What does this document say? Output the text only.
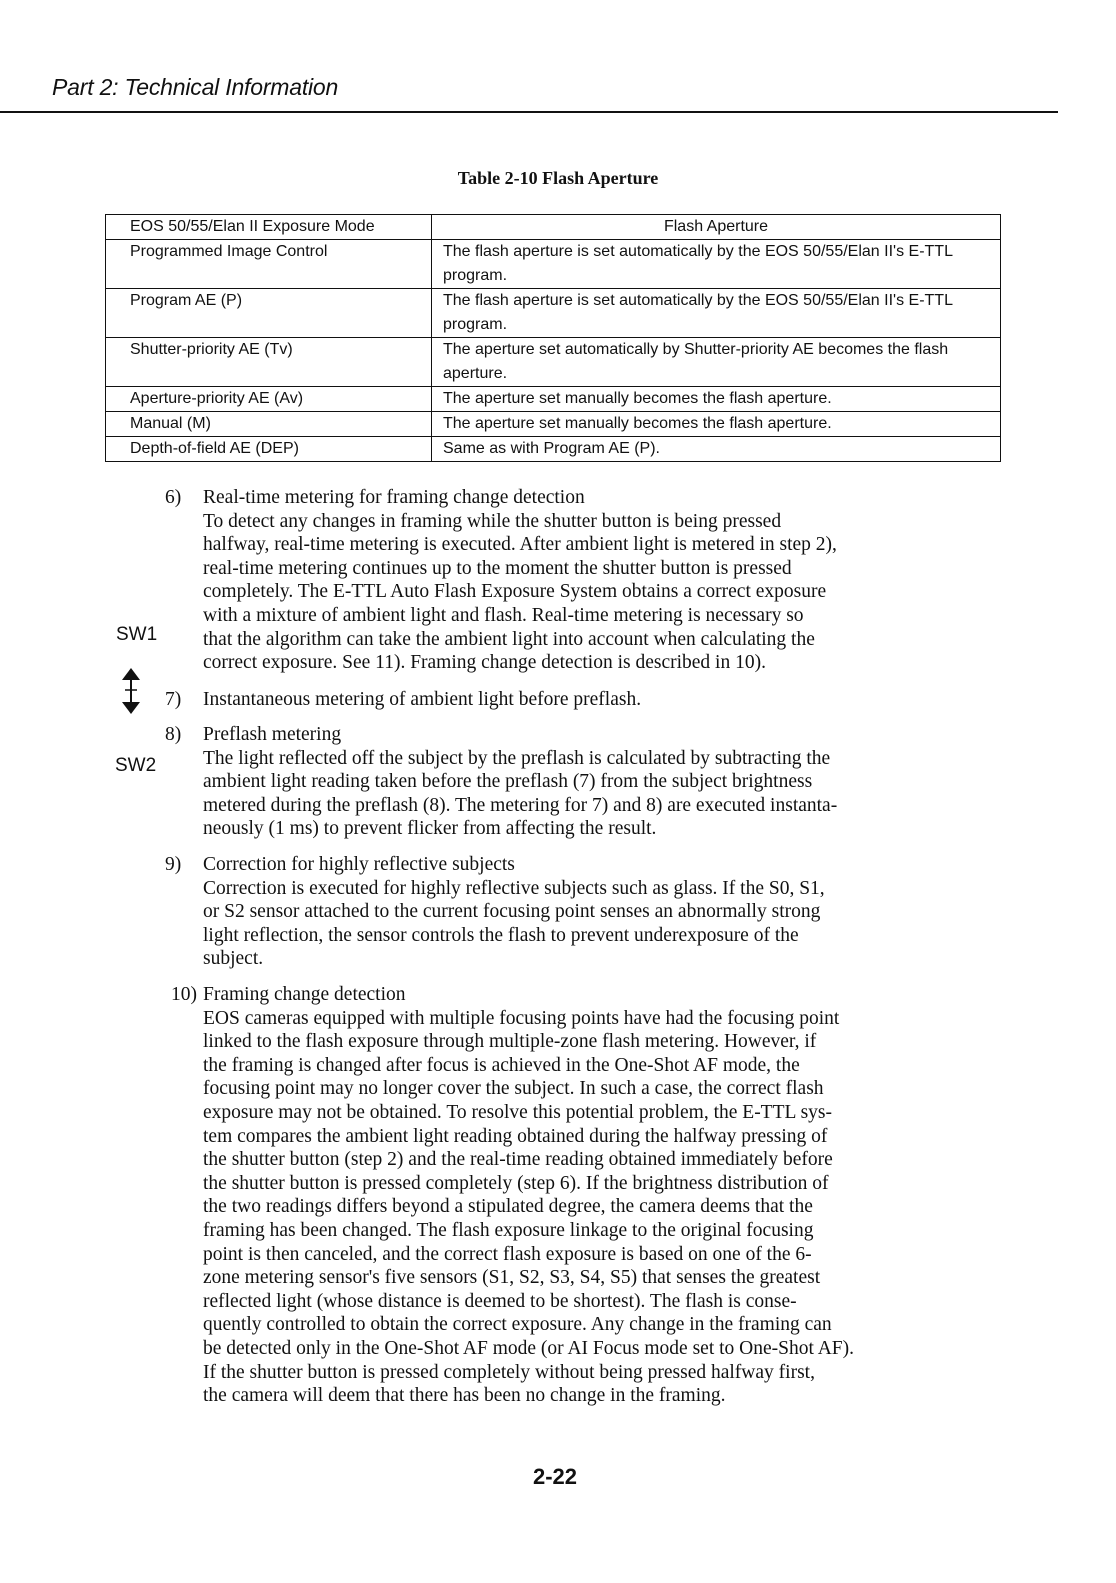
Part 2: Technical Information
Table 2-10 Flash Aperture
EOS 50/55/Elan II Exposure Mode	Flash Aperture
Programmed Image Control	The flash aperture is set automatically by the EOS 50/55/Elan II's E-TTL program.
Program AE (P)	The flash aperture is set automatically by the EOS 50/55/Elan II's E-TTL program.
Shutter-priority AE (Tv)	The aperture set automatically by Shutter-priority AE becomes the flash aperture.
Aperture-priority AE (Av)	The aperture set manually becomes the flash aperture.
Manual (M)	The aperture set manually becomes the flash aperture.
Depth-of-field AE (DEP)	Same as with Program AE (P).
SW1
SW2
6) Real-time metering for framing change detection
To detect any changes in framing while the shutter button is being pressed
halfway, real-time metering is executed. After ambient light is metered in step 2),
real-time metering continues up to the moment the shutter button is pressed
completely. The E-TTL Auto Flash Exposure System obtains a correct exposure
with a mixture of ambient light and flash. Real-time metering is necessary so
that the algorithm can take the ambient light into account when calculating the
correct exposure. See 11). Framing change detection is described in 10).
7) Instantaneous metering of ambient light before preflash.
8) Preflash metering
The light reflected off the subject by the preflash is calculated by subtracting the
ambient light reading taken before the preflash (7) from the subject brightness
metered during the preflash (8). The metering for 7) and 8) are executed instanta-
neously (1 ms) to prevent flicker from affecting the result.
9) Correction for highly reflective subjects
Correction is executed for highly reflective subjects such as glass. If the S0, S1,
or S2 sensor attached to the current focusing point senses an abnormally strong
light reflection, the sensor controls the flash to prevent underexposure of the
subject.
10) Framing change detection
EOS cameras equipped with multiple focusing points have had the focusing point
linked to the flash exposure through multiple-zone flash metering. However, if
the framing is changed after focus is achieved in the One-Shot AF mode, the
focusing point may no longer cover the subject. In such a case, the correct flash
exposure may not be obtained. To resolve this potential problem, the E-TTL sys-
tem compares the ambient light reading obtained during the halfway pressing of
the shutter button (step 2) and the real-time reading obtained immediately before
the shutter button is pressed completely (step 6). If the brightness distribution of
the two readings differs beyond a stipulated degree, the camera deems that the
framing has been changed. The flash exposure linkage to the original focusing
point is then canceled, and the correct flash exposure is based on one of the 6-
zone metering sensor's five sensors (S1, S2, S3, S4, S5) that senses the greatest
reflected light (whose distance is deemed to be shortest). The flash is conse-
quently controlled to obtain the correct exposure. Any change in the framing can
be detected only in the One-Shot AF mode (or AI Focus mode set to One-Shot AF).
If the shutter button is pressed completely without being pressed halfway first,
the camera will deem that there has been no change in the framing.
2-22
